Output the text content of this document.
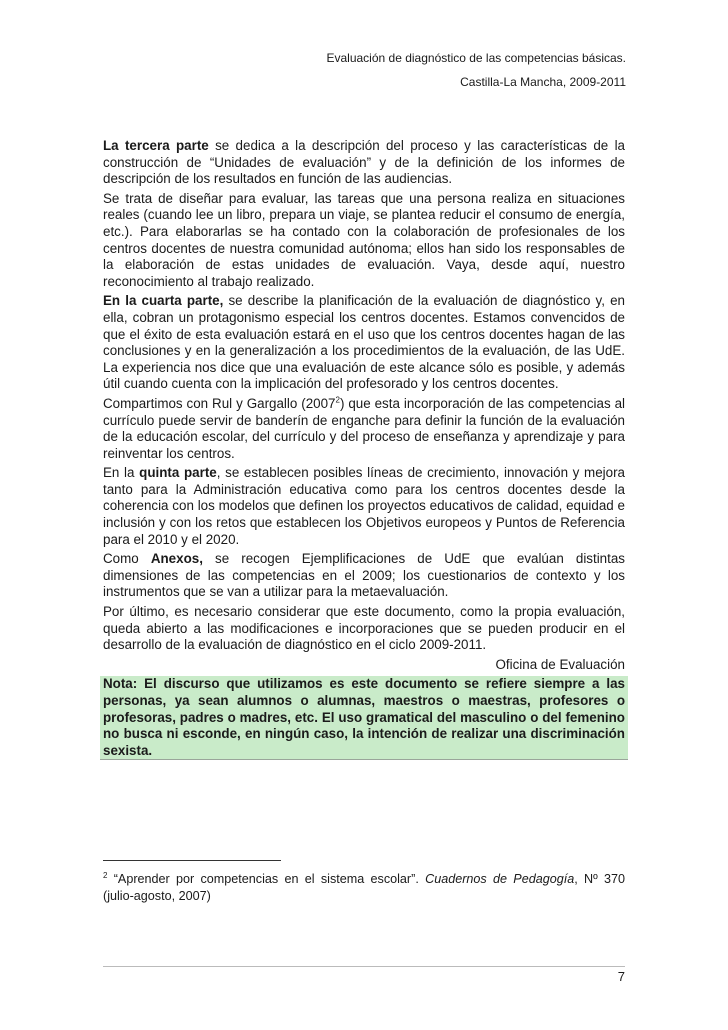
Evaluación de diagnóstico de las competencias básicas.
Castilla-La Mancha, 2009-2011

La tercera parte se dedica a la descripción del proceso y las características de la construcción de “Unidades de evaluación” y de la definición de los informes de descripción de los resultados en función de las audiencias.

Se trata de diseñar para evaluar, las tareas que una persona realiza en situaciones reales (cuando lee un libro, prepara un viaje, se plantea reducir el consumo de energía, etc.). Para elaborarlas se ha contado con la colaboración de profesionales de los centros docentes de nuestra comunidad autónoma; ellos han sido los responsables de la elaboración de estas unidades de evaluación. Vaya, desde aquí, nuestro reconocimiento al trabajo realizado.

En la cuarta parte, se describe la planificación de la evaluación de diagnóstico y, en ella, cobran un protagonismo especial los centros docentes. Estamos convencidos de que el éxito de esta evaluación estará en el uso que los centros docentes hagan de las conclusiones y en la generalización a los procedimientos de la evaluación, de las UdE. La experiencia nos dice que una evaluación de este alcance sólo es posible, y además útil cuando cuenta con la implicación del profesorado y los centros docentes.

Compartimos con Rul y Gargallo (2007$^2$) que esta incorporación de las competencias al currículo puede servir de banderín de enganche para definir la función de la evaluación de la educación escolar, del currículo y del proceso de enseñanza y aprendizaje y para reinventar los centros.

En la quinta parte, se establecen posibles líneas de crecimiento, innovación y mejora tanto para la Administración educativa como para los centros docentes desde la coherencia con los modelos que definen los proyectos educativos de calidad, equidad e inclusión y con los retos que establecen los Objetivos europeos y Puntos de Referencia para el 2010 y el 2020.

Como Anexos, se recogen Ejemplificaciones de UdE que evalúan distintas dimensiones de las competencias en el 2009; los cuestionarios de contexto y los instrumentos que se van a utilizar para la metaevaluación.

Por último, es necesario considerar que este documento, como la propia evaluación, queda abierto a las modificaciones e incorporaciones que se pueden producir en el desarrollo de la evaluación de diagnóstico en el ciclo 2009-2011.

Oficina de Evaluación
Nota: El discurso que utilizamos es este documento se refiere siempre a las personas, ya sean alumnos o alumnas, maestros o maestras, profesores o profesoras, padres o madres, etc. El uso gramatical del masculino o del femenino no busca ni esconde, en ningún caso, la intención de realizar una discriminación sexista.
$^2$ “Aprender por competencias en el sistema escolar”. Cuadernos de Pedagogía, Nº 370 (julio-agosto, 2007)
7
